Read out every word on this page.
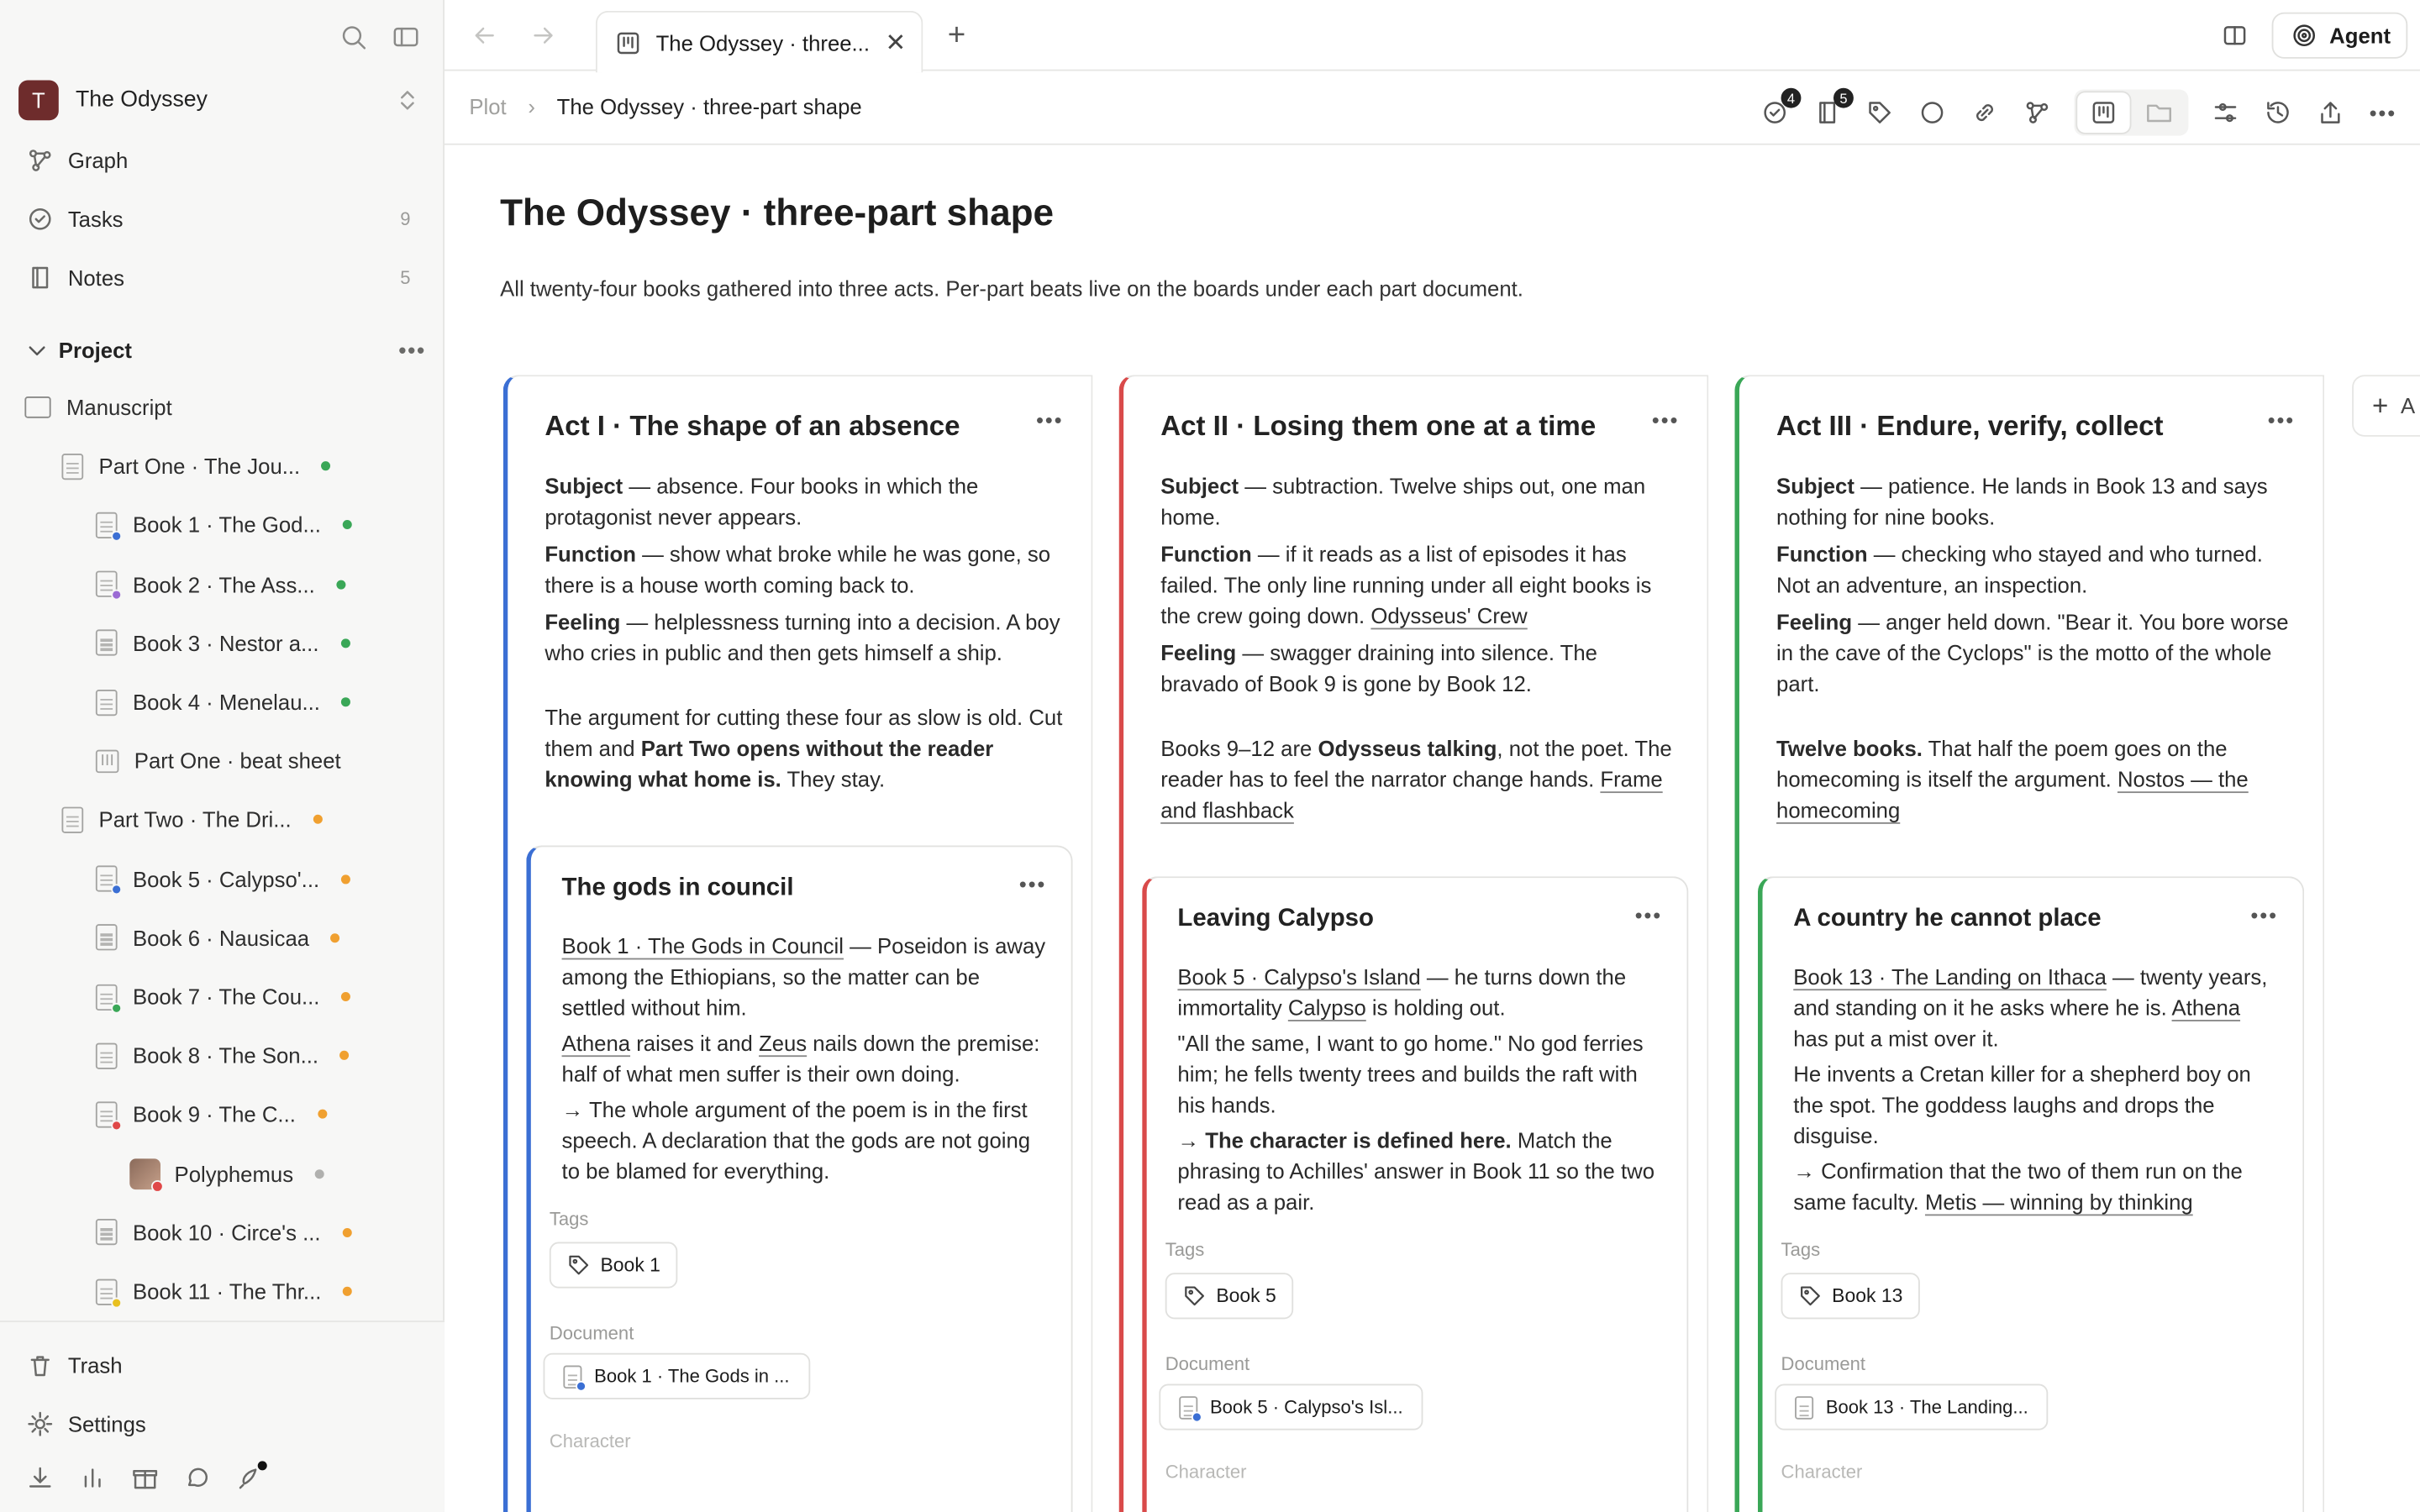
T	The Odyssey
Graph
Tasks	9
Notes	5
Project	•••
Manuscript
Part One · The Jou...
Book 1 · The God...
Book 2 · The Ass...
Book 3 · Nestor a...
Book 4 · Menelau...
Part One · beat sheet
Part Two · The Dri...
Book 5 · Calypso'...
Book 6 · Nausicaa
Book 7 · The Cou...
Book 8 · The Son...
Book 9 · The C...
Polyphemus
Book 10 · Circe's ...
Book 11 · The Thr...
Trash
Settings
The Odyssey · three...	✕ +	Agent
Plot › The Odyssey · three-part shape	4	5
•••
The Odyssey · three-part shape

All twenty-four books gathered into three acts. Per-part beats live on the boards under each part document.

Act I · The shape of an absence	•••

Subject — absence. Four books in which the protagonist never appears.

Function — show what broke while he was gone, so there is a house worth coming back to.

Feeling — helplessness turning into a decision. A boy who cries in public and then gets himself a ship.

The argument for cutting these four as slow is old. Cut them and Part Two opens without the reader knowing what home is. They stay.

The gods in council	•••

Book 1 · The Gods in Council — Poseidon is away among the Ethiopians, so the matter can be settled without him.

Athena raises it and Zeus nails down the premise: half of what men suffer is their own doing.

→ The whole argument of the poem is in the first speech. A declaration that the gods are not going to be blamed for everything.

Tags
Book 1
Document
Book 1 · The Gods in ...
Character
Act II · Losing them one at a time	•••

Subject — subtraction. Twelve ships out, one man home.

Function — if it reads as a list of episodes it has failed. The only line running under all eight books is the crew going down. Odysseus' Crew

Feeling — swagger draining into silence. The bravado of Book 9 is gone by Book 12.

Books 9–12 are Odysseus talking, not the poet. The reader has to feel the narrator change hands. Frame and flashback

Leaving Calypso	•••

Book 5 · Calypso's Island — he turns down the immortality Calypso is holding out.

"All the same, I want to go home." No god ferries him; he fells twenty trees and builds the raft with his hands.

→ The character is defined here. Match the phrasing to Achilles' answer in Book 11 so the two read as a pair.

Tags
Book 5
Document
Book 5 · Calypso's Isl...
Character
Act III · Endure, verify, collect	•••

Subject — patience. He lands in Book 13 and says nothing for nine books.

Function — checking who stayed and who turned. Not an adventure, an inspection.

Feeling — anger held down. "Bear it. You bore worse in the cave of the Cyclops" is the motto of the whole part.

Twelve books. That half the poem goes on the homecoming is itself the argument. Nostos — the homecoming

A country he cannot place	•••

Book 13 · The Landing on Ithaca — twenty years, and standing on it he asks where he is. Athena has put a mist over it.

He invents a Cretan killer for a shepherd boy on the spot. The goddess laughs and drops the disguise.

→ Confirmation that the two of them run on the same faculty. Metis — winning by thinking

Tags
Book 13
Document
Book 13 · The Landing...
Character
+ A
